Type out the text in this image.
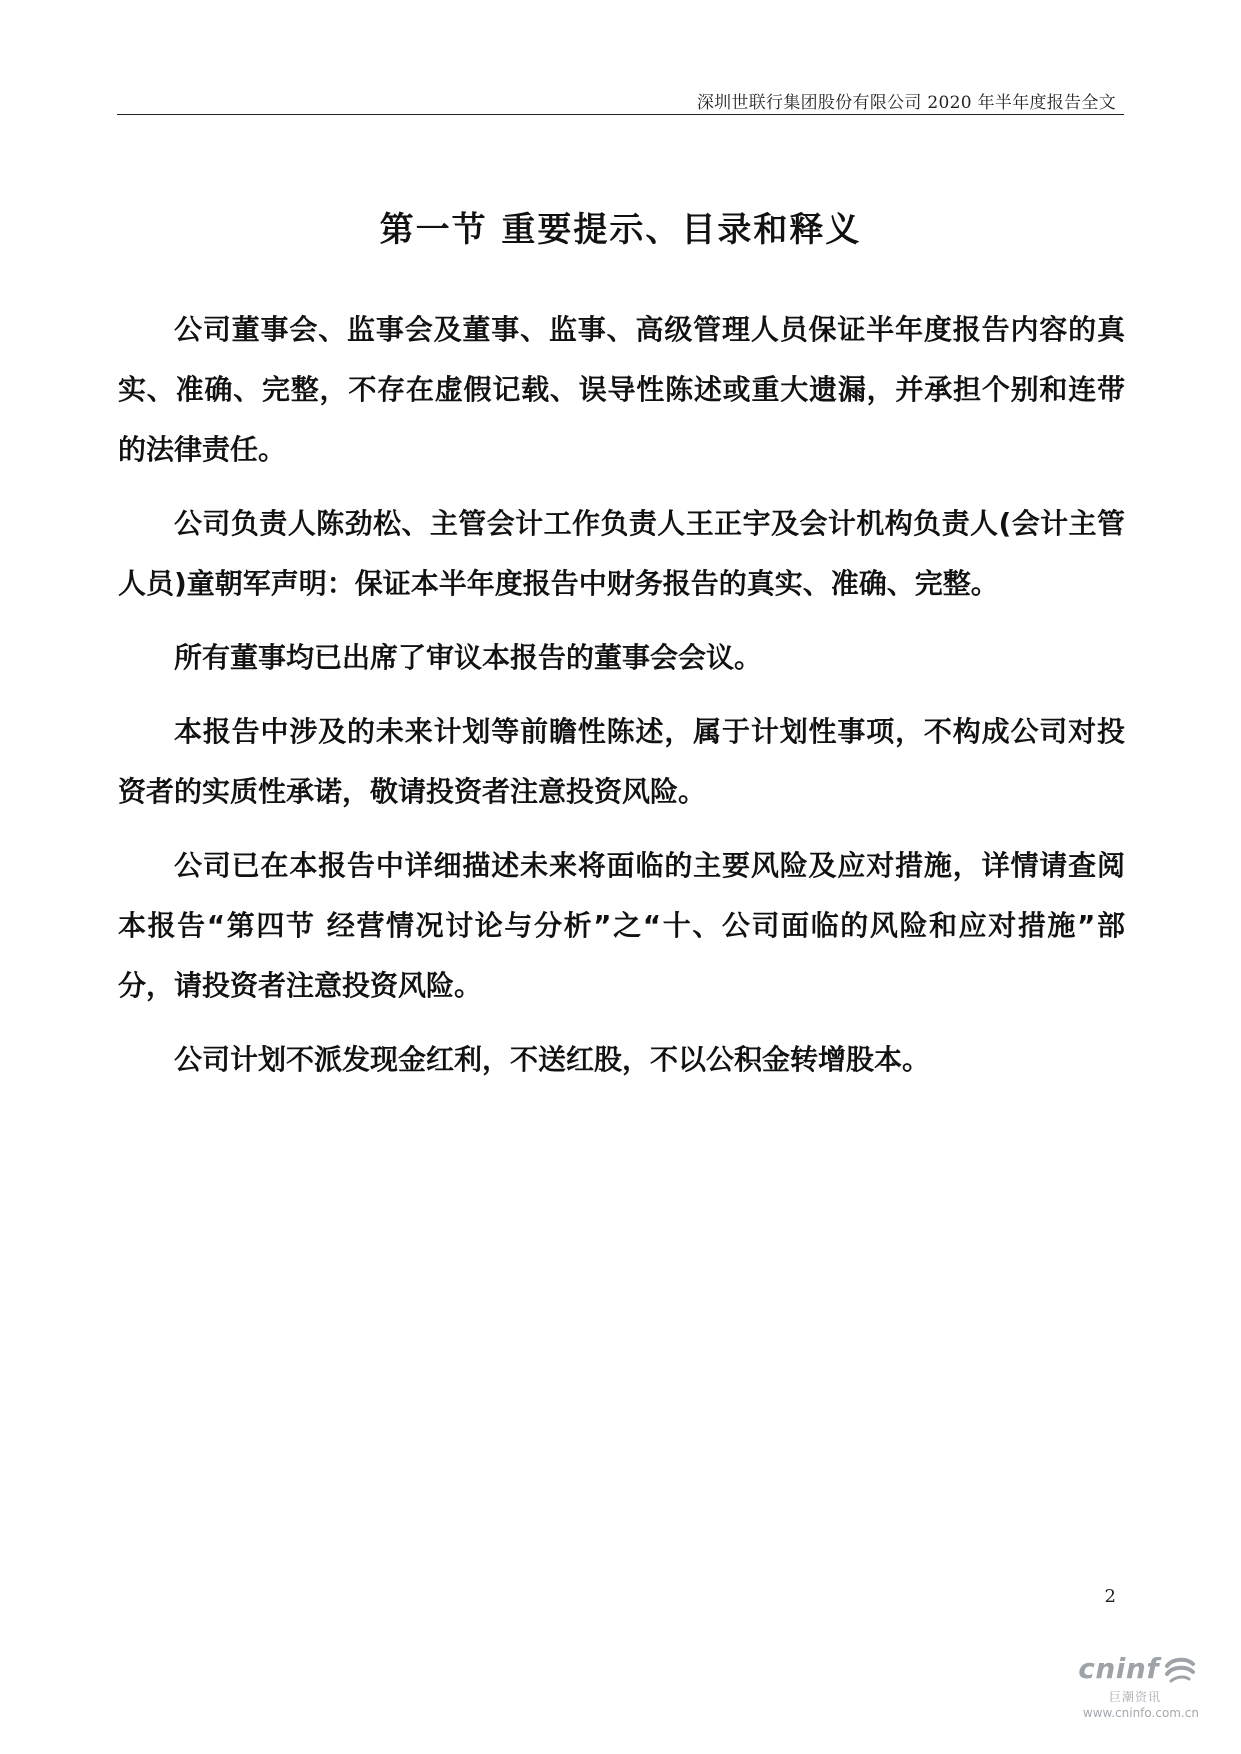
深圳世联行集团股份有限公司 2020 年半年度报告全文
第一节 重要提示、目录和释义

公司董事会、监事会及董事、监事、高级管理人员保证半年度报告内容的真实、准确、完整，不存在虚假记载、误导性陈述或重大遗漏，并承担个别和连带的法律责任。

公司负责人陈劲松、主管会计工作负责人王正宇及会计机构负责人(会计主管人员)童朝军声明：保证本半年度报告中财务报告的真实、准确、完整。

所有董事均已出席了审议本报告的董事会会议。

本报告中涉及的未来计划等前瞻性陈述，属于计划性事项，不构成公司对投资者的实质性承诺，敬请投资者注意投资风险。

公司已在本报告中详细描述未来将面临的主要风险及应对措施，详情请查阅本报告“第四节 经营情况讨论与分析”之“十、公司面临的风险和应对措施”部分，请投资者注意投资风险。

公司计划不派发现金红利，不送红股，不以公积金转增股本。

2
cninf
巨潮资讯
www.cninfo.com.cn
